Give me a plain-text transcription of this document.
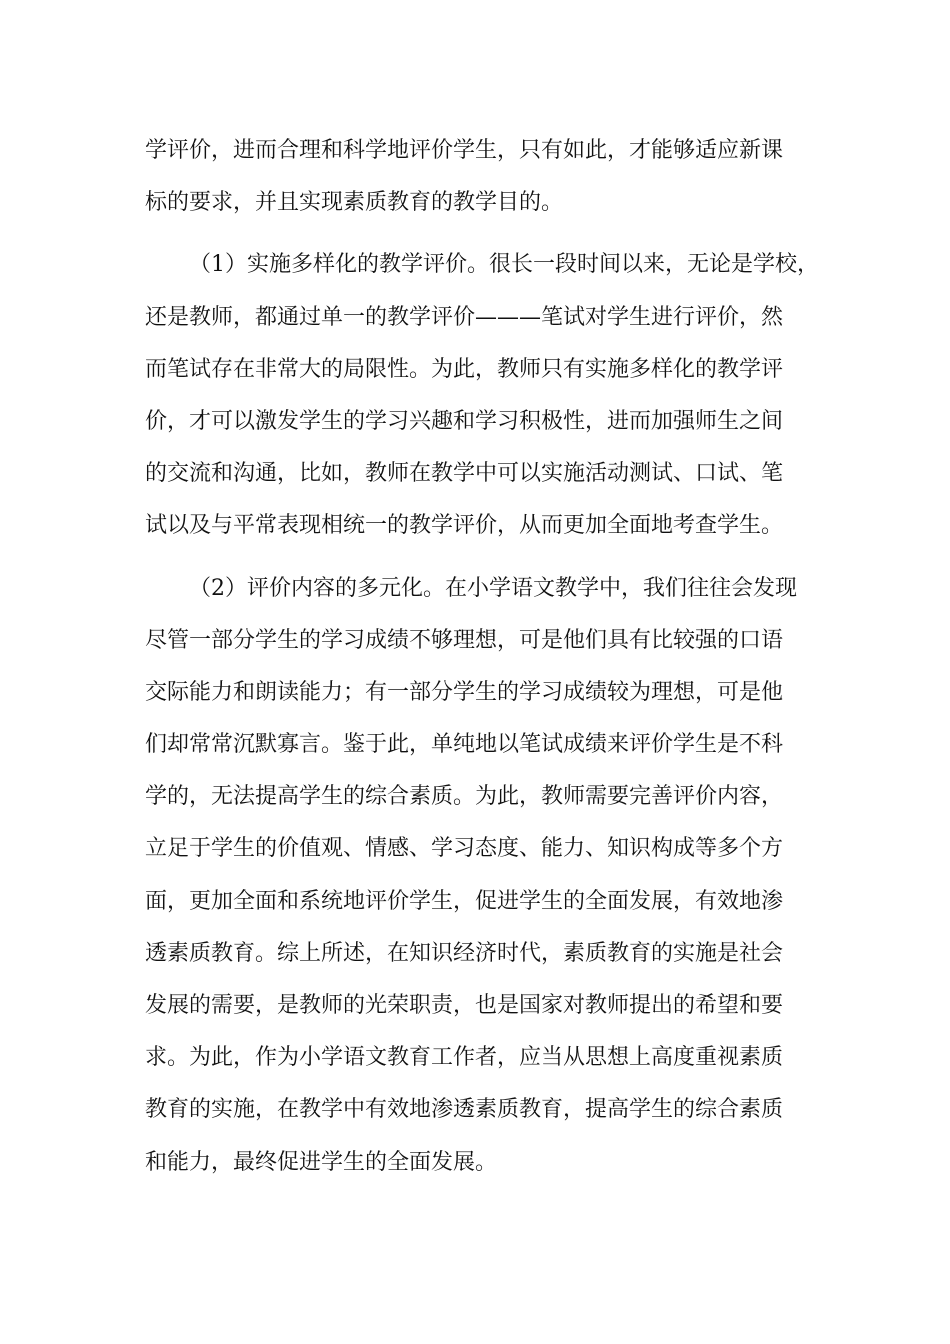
学评价，进而合理和科学地评价学生，只有如此，才能够适应新课
标的要求，并且实现素质教育的教学目的。
（1）实施多样化的教学评价。很长一段时间以来，无论是学校，
还是教师，都通过单一的教学评价———笔试对学生进行评价，然
而笔试存在非常大的局限性。为此，教师只有实施多样化的教学评
价，才可以激发学生的学习兴趣和学习积极性，进而加强师生之间
的交流和沟通，比如，教师在教学中可以实施活动测试、口试、笔
试以及与平常表现相统一的教学评价，从而更加全面地考查学生。
（2）评价内容的多元化。在小学语文教学中，我们往往会发现
尽管一部分学生的学习成绩不够理想，可是他们具有比较强的口语
交际能力和朗读能力；有一部分学生的学习成绩较为理想，可是他
们却常常沉默寡言。鉴于此，单纯地以笔试成绩来评价学生是不科
学的，无法提高学生的综合素质。为此，教师需要完善评价内容，
立足于学生的价值观、情感、学习态度、能力、知识构成等多个方
面，更加全面和系统地评价学生，促进学生的全面发展，有效地渗
透素质教育。综上所述，在知识经济时代，素质教育的实施是社会
发展的需要，是教师的光荣职责，也是国家对教师提出的希望和要
求。为此，作为小学语文教育工作者，应当从思想上高度重视素质
教育的实施，在教学中有效地渗透素质教育，提高学生的综合素质
和能力，最终促进学生的全面发展。
